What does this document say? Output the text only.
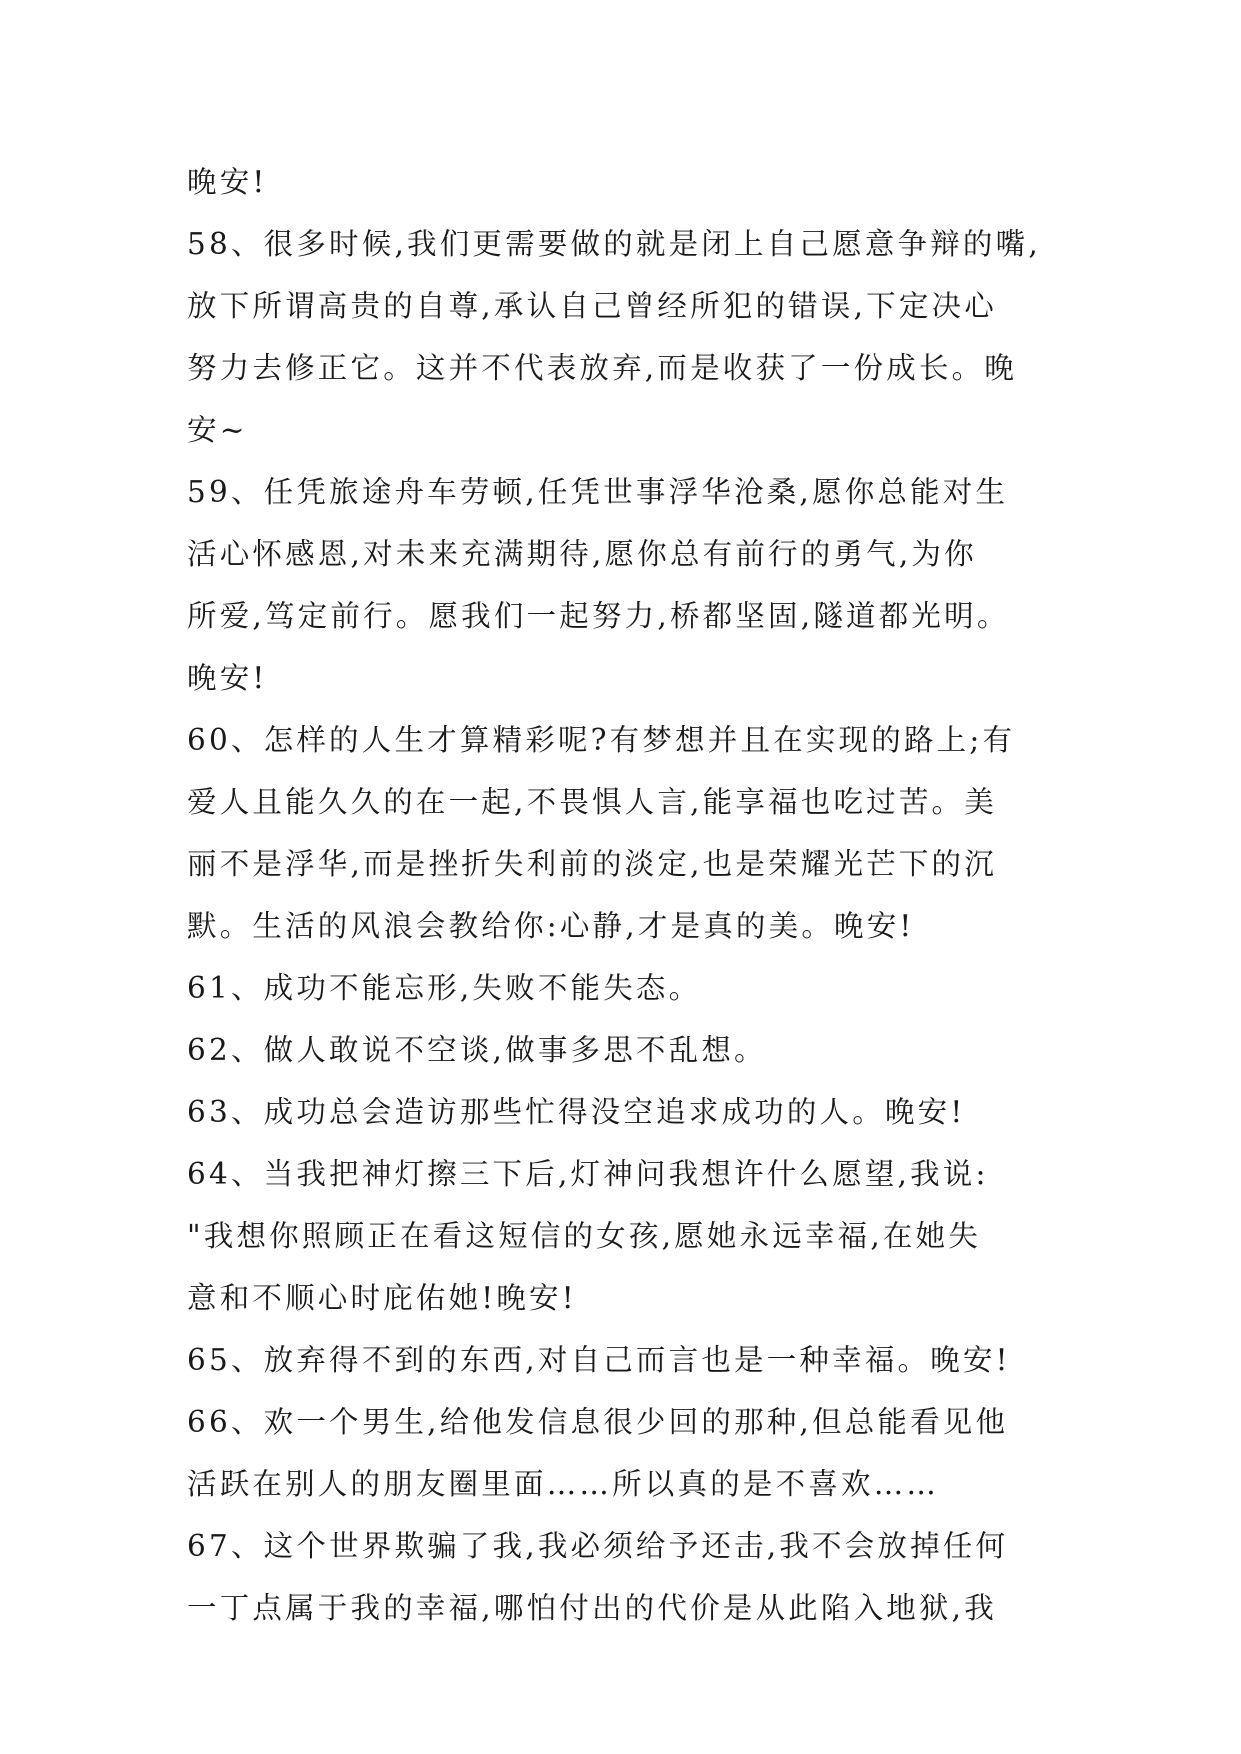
晚安!
58、很多时候,我们更需要做的就是闭上自己愿意争辩的嘴,
放下所谓高贵的自尊,承认自己曾经所犯的错误,下定决心
努力去修正它。这并不代表放弃,而是收获了一份成长。晚
安~
59、任凭旅途舟车劳顿,任凭世事浮华沧桑,愿你总能对生
活心怀感恩,对未来充满期待,愿你总有前行的勇气,为你
所爱,笃定前行。愿我们一起努力,桥都坚固,隧道都光明。
晚安!
60、怎样的人生才算精彩呢?有梦想并且在实现的路上;有
爱人且能久久的在一起,不畏惧人言,能享福也吃过苦。美
丽不是浮华,而是挫折失利前的淡定,也是荣耀光芒下的沉
默。生活的风浪会教给你:心静,才是真的美。晚安!
61、成功不能忘形,失败不能失态。
62、做人敢说不空谈,做事多思不乱想。
63、成功总会造访那些忙得没空追求成功的人。晚安!
64、当我把神灯擦三下后,灯神问我想许什么愿望,我说:
"我想你照顾正在看这短信的女孩,愿她永远幸福,在她失
意和不顺心时庇佑她!晚安!
65、放弃得不到的东西,对自己而言也是一种幸福。晚安!
66、欢一个男生,给他发信息很少回的那种,但总能看见他
活跃在别人的朋友圈里面……所以真的是不喜欢……
67、这个世界欺骗了我,我必须给予还击,我不会放掉任何
一丁点属于我的幸福,哪怕付出的代价是从此陷入地狱,我
